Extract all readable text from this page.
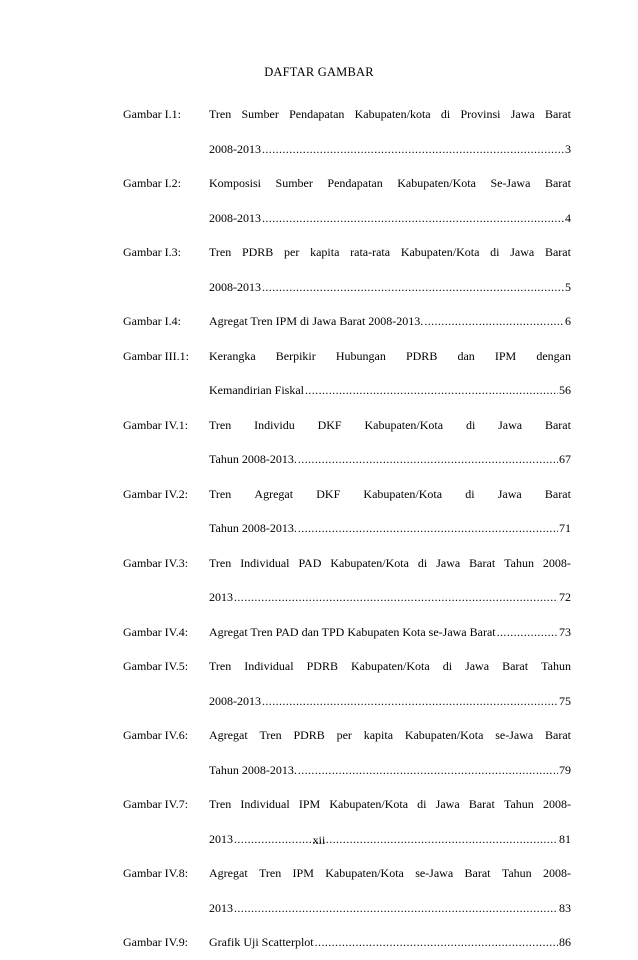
DAFTAR GAMBAR
Gambar I.1:	Tren Sumber Pendapatan Kabupaten/kota di Provinsi Jawa Barat
2008-2013 .....	3
Gambar I.2:	Komposisi Sumber Pendapatan Kabupaten/Kota Se-Jawa Barat
2008-2013 .....	4
Gambar I.3:	Tren PDRB per kapita rata-rata Kabupaten/Kota di Jawa Barat
2008-2013 .....	5
Gambar I.4:	Agregat Tren IPM di Jawa Barat 2008-2013. .....	6
Gambar III.1:	Kerangka Berpikir Hubungan PDRB dan IPM dengan
Kemandirian Fiskal .....	56
Gambar IV.1:	Tren Individu DKF Kabupaten/Kota di Jawa Barat
Tahun 2008-2013. .....	67
Gambar IV.2:	Tren Agregat DKF Kabupaten/Kota di Jawa Barat
Tahun 2008-2013. .....	71
Gambar IV.3:	Tren Individual PAD Kabupaten/Kota di Jawa Barat Tahun 2008-
2013 .....	72
Gambar IV.4:	Agregat Tren PAD dan TPD Kabupaten Kota se-Jawa Barat .....	73
Gambar IV.5:	Tren Individual PDRB Kabupaten/Kota di Jawa Barat Tahun
2008-2013 .....	75
Gambar IV.6:	Agregat Tren PDRB per kapita Kabupaten/Kota se-Jawa Barat
Tahun 2008-2013. .....	79
Gambar IV.7:	Tren Individual IPM Kabupaten/Kota di Jawa Barat Tahun 2008-
2013 .....	81
Gambar IV.8:	Agregat Tren IPM Kabupaten/Kota se-Jawa Barat Tahun 2008-
2013 .....	83
Gambar IV.9:	Grafik Uji Scatterplot .....	86
xii
